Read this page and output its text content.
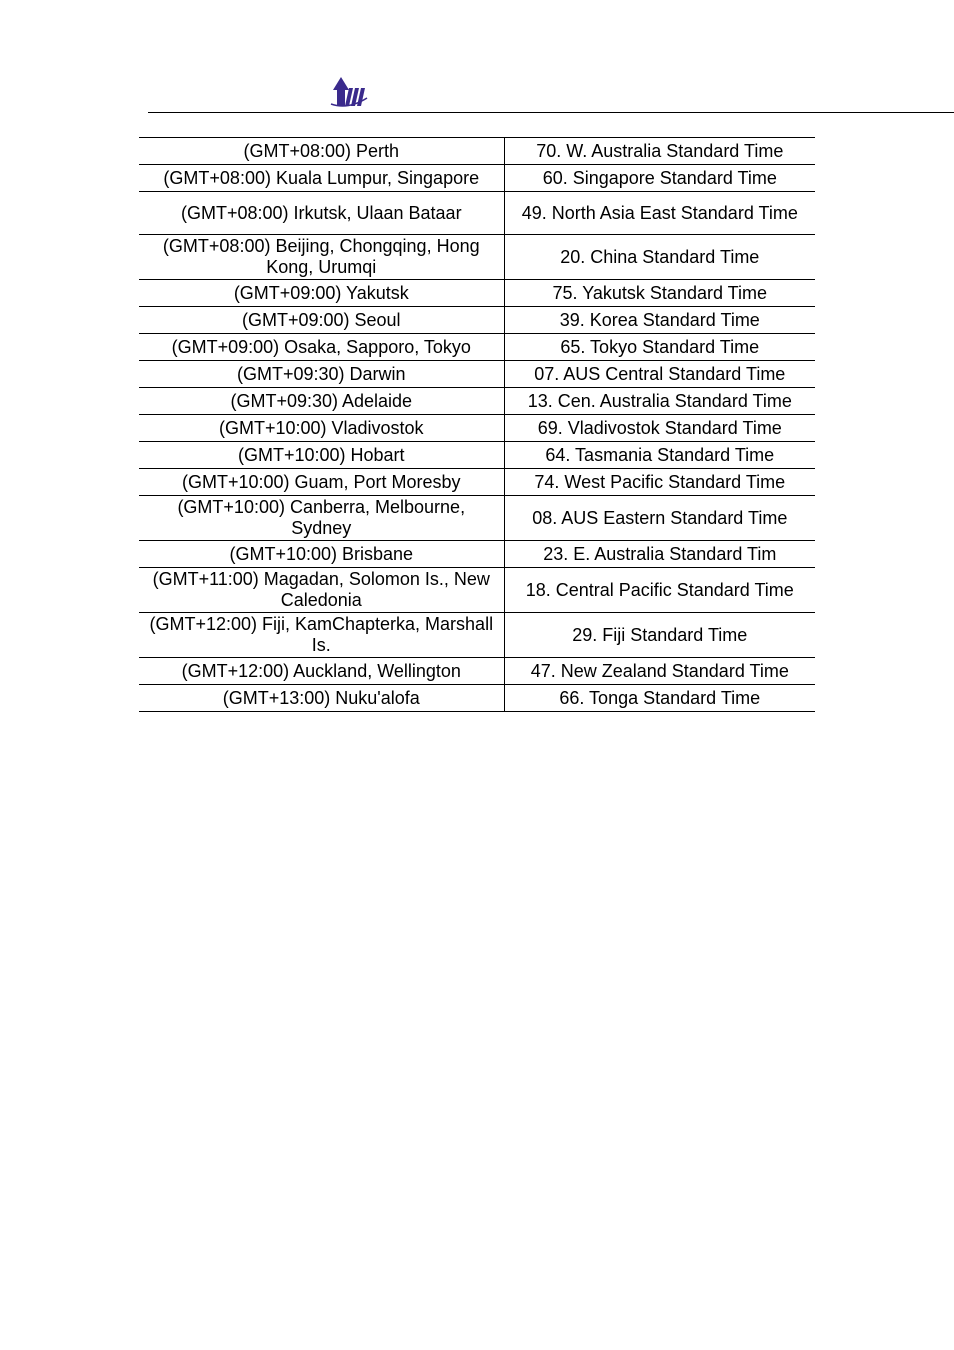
(GMT+08:00) Perth	70. W. Australia Standard Time
(GMT+08:00) Kuala Lumpur, Singapore	60. Singapore Standard Time
(GMT+08:00) Irkutsk, Ulaan Bataar	49. North Asia East Standard Time
(GMT+08:00) Beijing, Chongqing, Hong Kong, Urumqi	20. China Standard Time
(GMT+09:00) Yakutsk	75. Yakutsk Standard Time
(GMT+09:00) Seoul	39. Korea Standard Time
(GMT+09:00) Osaka, Sapporo, Tokyo	65. Tokyo Standard Time
(GMT+09:30) Darwin	07. AUS Central Standard Time
(GMT+09:30) Adelaide	13. Cen. Australia Standard Time
(GMT+10:00) Vladivostok	69. Vladivostok Standard Time
(GMT+10:00) Hobart	64. Tasmania Standard Time
(GMT+10:00) Guam, Port Moresby	74. West Pacific Standard Time
(GMT+10:00) Canberra, Melbourne, Sydney	08. AUS Eastern Standard Time
(GMT+10:00) Brisbane	23. E. Australia Standard Tim
(GMT+11:00) Magadan, Solomon Is., New Caledonia	18. Central Pacific Standard Time
(GMT+12:00) Fiji, KamChapterka, Marshall Is.	29. Fiji Standard Time
(GMT+12:00) Auckland, Wellington	47. New Zealand Standard Time
(GMT+13:00) Nuku'alofa	66. Tonga Standard Time
